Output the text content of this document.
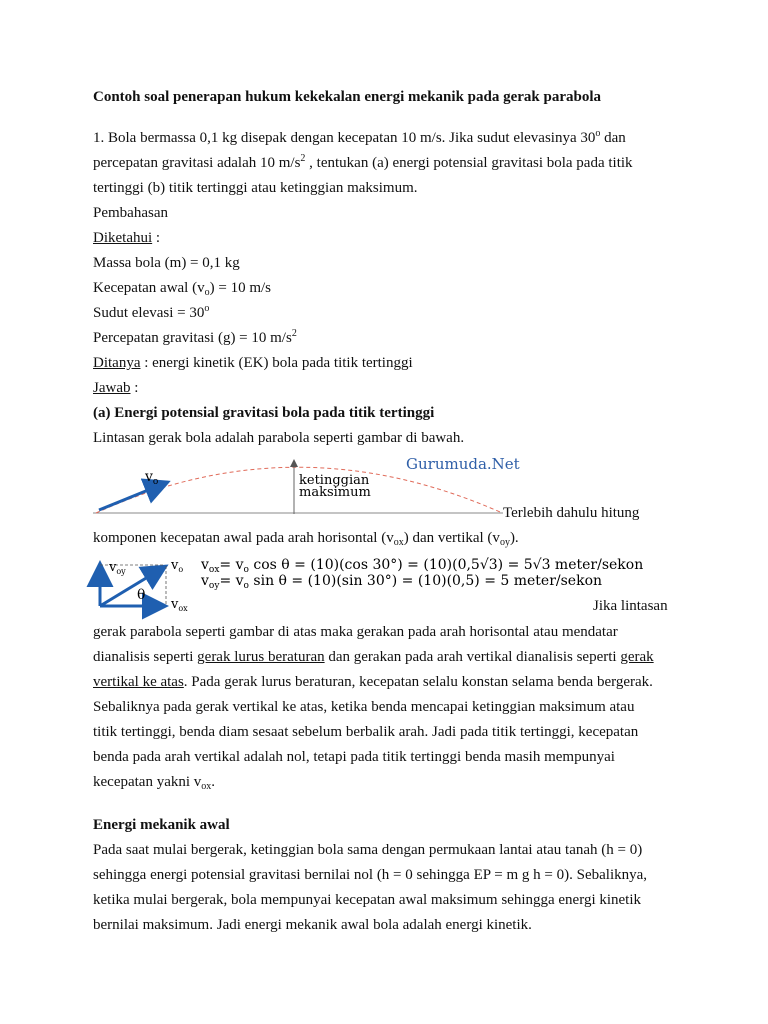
Contoh soal penerapan hukum kekekalan energi mekanik pada gerak parabola
1. Bola bermassa 0,1 kg disepak dengan kecepatan 10 m/s. Jika sudut elevasinya 30$^o$ dan
percepatan gravitasi adalah 10 $m/s^2$ , tentukan (a) energi potensial gravitasi bola pada titik
tertinggi (b) titik tertinggi atau ketinggian maksimum.
Pembahasan
Diketahui :
Massa bola (m) = 0,1 kg
Kecepatan awal $(v_o) = 10$ m/s
Sudut elevasi = $30^o$
Percepatan gravitasi (g) = 10 $m/s^2$
Ditanya : energi kinetik (EK) bola pada titik tertinggi
Jawab :
(a) Energi potensial gravitasi bola pada titik tertinggi
Lintasan gerak bola adalah parabola seperti gambar di bawah.
$v_o$	ketinggian
maksimum
Gurumuda.Net
Terlebih dahulu hitung
komponen kecepatan awal pada arah horisontal $(v_{ox})$ dan vertikal $(v_{oy})$.
$v_{oy}$	$v_o$
$v_{ox}$
θ
$v_{ox}= v_o$ cos θ = (10)(cos 30°) = (10)(0,5√3) = 5√3 meter/sekon
$v_{oy}= v_o$ sin θ = (10)(sin 30°) = (10)(0,5) = 5 meter/sekon
Jika lintasan
gerak parabola seperti gambar di atas maka gerakan pada arah horisontal atau mendatar
dianalisis seperti gerak lurus beraturan dan gerakan pada arah vertikal dianalisis seperti gerak
vertikal ke atas. Pada gerak lurus beraturan, kecepatan selalu konstan selama benda bergerak.
Sebaliknya pada gerak vertikal ke atas, ketika benda mencapai ketinggian maksimum atau
titik tertinggi, benda diam sesaat sebelum berbalik arah. Jadi pada titik tertinggi, kecepatan
benda pada arah vertikal adalah nol, tetapi pada titik tertinggi benda masih mempunyai
kecepatan yakni $v_{ox}$.
Energi mekanik awal
Pada saat mulai bergerak, ketinggian bola sama dengan permukaan lantai atau tanah (h = 0)
sehingga energi potensial gravitasi bernilai nol (h = 0 sehingga EP = m g h = 0). Sebaliknya,
ketika mulai bergerak, bola mempunyai kecepatan awal maksimum sehingga energi kinetik
bernilai maksimum. Jadi energi mekanik awal bola adalah energi kinetik.
